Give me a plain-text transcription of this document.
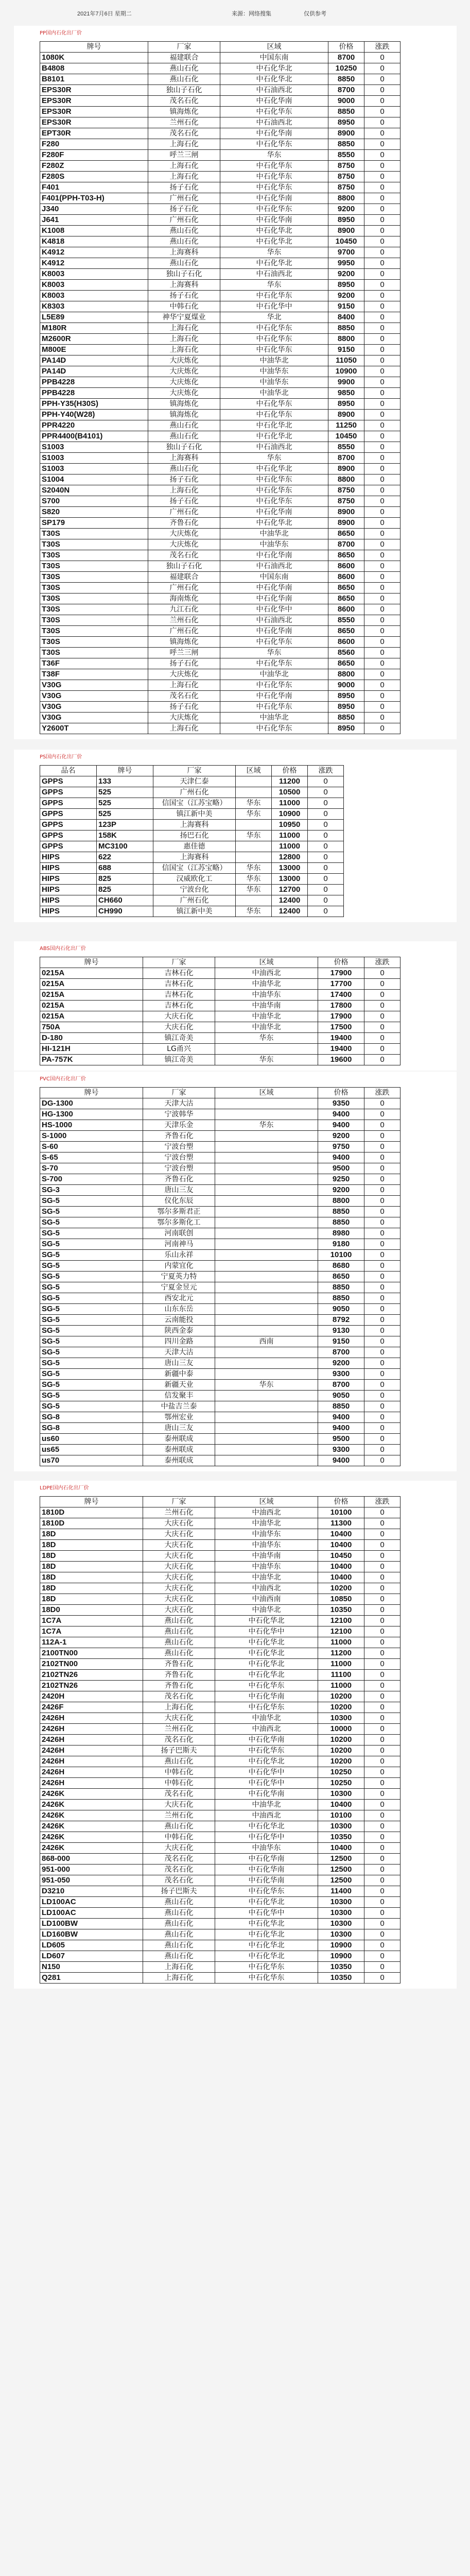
2021年7月6日 星期二	来源：网络搜集	仅供参考
PP国内石化出厂价
牌号	厂家	区域	价格	涨跌
1080K	福建联合	中国东南	8700	0
B4808	燕山石化	中石化华北	10250	0
B8101	燕山石化	中石化华北	8850	0
EPS30R	独山子石化	中石油西北	8700	0
EPS30R	茂名石化	中石化华南	9000	0
EPS30R	镇海炼化	中石化华东	8850	0
EPS30R	兰州石化	中石油西北	8950	0
EPT30R	茂名石化	中石化华南	8900	0
F280	上海石化	中石化华东	8850	0
F280F	呼兰三闸	华东	8550	0
F280Z	上海石化	中石化华东	8750	0
F280S	上海石化	中石化华东	8750	0
F401	扬子石化	中石化华东	8750	0
F401(PPH-T03-H)	广州石化	中石化华南	8800	0
J340	扬子石化	中石化华东	9200	0
J641	广州石化	中石化华南	8950	0
K1008	燕山石化	中石化华北	8900	0
K4818	燕山石化	中石化华北	10450	0
K4912	上海赛科	华东	9700	0
K4912	燕山石化	中石化华北	9950	0
K8003	独山子石化	中石油西北	9200	0
K8003	上海赛科	华东	8950	0
K8003	扬子石化	中石化华东	9200	0
K8303	中韩石化	中石化华中	9150	0
L5E89	神华宁夏煤业	华北	8400	0
M180R	上海石化	中石化华东	8850	0
M2600R	上海石化	中石化华东	8800	0
M800E	上海石化	中石化华东	9150	0
PA14D	大庆炼化	中油华北	11050	0
PA14D	大庆炼化	中油华东	10900	0
PPB4228	大庆炼化	中油华东	9900	0
PPB4228	大庆炼化	中油华北	9850	0
PPH-Y35(H30S)	镇海炼化	中石化华东	8950	0
PPH-Y40(W28)	镇海炼化	中石化华东	8900	0
PPR4220	燕山石化	中石化华北	11250	0
PPR4400(B4101)	燕山石化	中石化华北	10450	0
S1003	独山子石化	中石油西北	8550	0
S1003	上海赛科	华东	8700	0
S1003	燕山石化	中石化华北	8900	0
S1004	扬子石化	中石化华东	8800	0
S2040N	上海石化	中石化华东	8750	0
S700	扬子石化	中石化华东	8750	0
S820	广州石化	中石化华南	8900	0
SP179	齐鲁石化	中石化华北	8900	0
T30S	大庆炼化	中油华北	8650	0
T30S	大庆炼化	中油华东	8700	0
T30S	茂名石化	中石化华南	8650	0
T30S	独山子石化	中石油西北	8600	0
T30S	福建联合	中国东南	8600	0
T30S	广州石化	中石化华南	8650	0
T30S	海南炼化	中石化华南	8650	0
T30S	九江石化	中石化华中	8600	0
T30S	兰州石化	中石油西北	8550	0
T30S	广州石化	中石化华南	8650	0
T30S	镇海炼化	中石化华东	8600	0
T30S	呼兰三闸	华东	8560	0
T36F	扬子石化	中石化华东	8650	0
T38F	大庆炼化	中油华北	8800	0
V30G	上海石化	中石化华东	9000	0
V30G	茂名石化	中石化华南	8950	0
V30G	扬子石化	中石化华东	8950	0
V30G	大庆炼化	中油华北	8850	0
Y2600T	上海石化	中石化华东	8950	0
PS国内石化出厂价
品名	牌号	厂家	区域	价格	涨跌
GPPS	133	天津仁泰		11200	0
GPPS	525	广州石化		10500	0
GPPS	525	信国宝（江苏宝略）	华东	11000	0
GPPS	525	镇江新中美	华东	10900	0
GPPS	123P	上海赛科		10950	0
GPPS	158K	扬巴石化	华东	11000	0
GPPS	MC3100	惠佳德		11000	0
HIPS	622	上海赛科		12800	0
HIPS	688	信国宝（江苏宝略）	华东	13000	0
HIPS	825	汉威欧化工	华东	13000	0
HIPS	825	宁波台化	华东	12700	0
HIPS	CH660	广州石化		12400	0
HIPS	CH990	镇江新中美	华东	12400	0
ABS国内石化出厂价
牌号	厂家	区域	价格	涨跌
0215A	吉林石化	中油西北	17900	0
0215A	吉林石化	中油华北	17700	0
0215A	吉林石化	中油华东	17400	0
0215A	吉林石化	中油华南	17800	0
0215A	大庆石化	中油华北	17900	0
750A	大庆石化	中油华北	17500	0
D-180	镇江奇美	华东	19400	0
HI-121H	LG甬兴		19400	0
PA-757K	镇江奇美	华东	19600	0
PVC国内石化出厂价
牌号	厂家	区域	价格	涨跌
DG-1300	天津大沽		9350	0
HG-1300	宁波韩华		9400	0
HS-1000	天津乐金	华东	9400	0
S-1000	齐鲁石化		9200	0
S-60	宁波台塑		9750	0
S-65	宁波台塑		9400	0
S-70	宁波台塑		9500	0
S-700	齐鲁石化		9250	0
SG-3	唐山三友		9200	0
SG-5	仪化东辰		8800	0
SG-5	鄂尔多斯君正		8850	0
SG-5	鄂尔多斯化工		8850	0
SG-5	河南联创		8980	0
SG-5	河南神马		9180	0
SG-5	乐山永祥		10100	0
SG-5	内蒙宜化		8680	0
SG-5	宁夏英力特		8650	0
SG-5	宁夏金昱元		8850	0
SG-5	西安北元		8850	0
SG-5	山东东岳		9050	0
SG-5	云南能投		8792	0
SG-5	陕西金泰		9130	0
SG-5	四川金路	西南	9150	0
SG-5	天津大沽		8700	0
SG-5	唐山三友		9200	0
SG-5	新疆中泰		9300	0
SG-5	新疆天业	华东	8700	0
SG-5	信发聚丰		9050	0
SG-5	中盐吉兰泰		8850	0
SG-8	鄂州宏业		9400	0
SG-8	唐山三友		9400	0
us60	泰州联成		9500	0
us65	泰州联成		9300	0
us70	泰州联成		9400	0
LDPE国内石化出厂价
牌号	厂家	区域	价格	涨跌
1810D	兰州石化	中油西北	10100	0
1810D	大庆石化	中油华北	11300	0
18D	大庆石化	中油华东	10400	0
18D	大庆石化	中油华东	10400	0
18D	大庆石化	中油华南	10450	0
18D	大庆石化	中油华东	10400	0
18D	大庆石化	中油华北	10400	0
18D	大庆石化	中油西北	10200	0
18D	大庆石化	中油西南	10850	0
18D0	大庆石化	中油华北	10350	0
1C7A	燕山石化	中石化华北	12100	0
1C7A	燕山石化	中石化华中	12100	0
112A-1	燕山石化	中石化华北	11000	0
2100TN00	燕山石化	中石化华北	11200	0
2102TN00	齐鲁石化	中石化华北	11000	0
2102TN26	齐鲁石化	中石化华北	11100	0
2102TN26	齐鲁石化	中石化华东	11000	0
2420H	茂名石化	中石化华南	10200	0
2426F	上海石化	中石化华东	10200	0
2426H	大庆石化	中油华北	10300	0
2426H	兰州石化	中油西北	10000	0
2426H	茂名石化	中石化华南	10200	0
2426H	扬子巴斯夫	中石化华东	10200	0
2426H	燕山石化	中石化华北	10200	0
2426H	中韩石化	中石化华中	10250	0
2426H	中韩石化	中石化华中	10250	0
2426K	茂名石化	中石化华南	10300	0
2426K	大庆石化	中油华北	10400	0
2426K	兰州石化	中油西北	10100	0
2426K	燕山石化	中石化华北	10300	0
2426K	中韩石化	中石化华中	10350	0
2426K	大庆石化	中油华东	10400	0
868-000	茂名石化	中石化华南	12500	0
951-000	茂名石化	中石化华南	12500	0
951-050	茂名石化	中石化华南	12500	0
D3210	扬子巴斯夫	中石化华东	11400	0
LD100AC	燕山石化	中石化华北	10300	0
LD100AC	燕山石化	中石化华中	10300	0
LD100BW	燕山石化	中石化华北	10300	0
LD160BW	燕山石化	中石化华北	10300	0
LD605	燕山石化	中石化华北	10900	0
LD607	燕山石化	中石化华北	10900	0
N150	上海石化	中石化华东	10350	0
Q281	上海石化	中石化华东	10350	0
